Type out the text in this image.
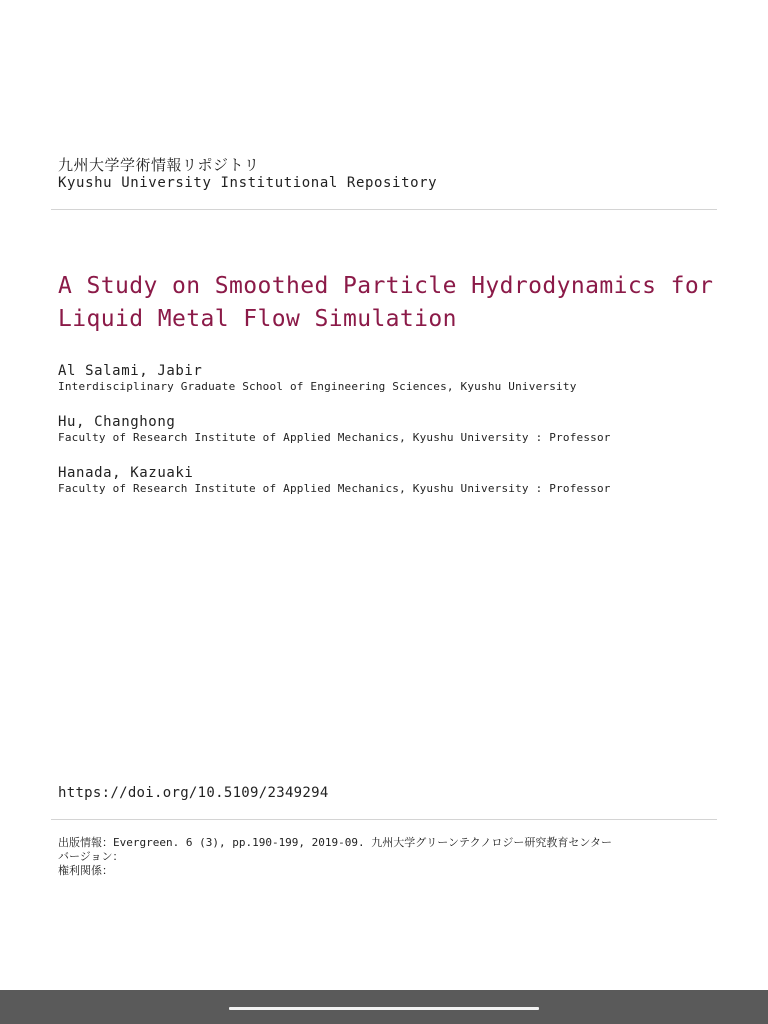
九州大学学術情報リポジトリ
Kyushu University Institutional Repository
A Study on Smoothed Particle Hydrodynamics for
Liquid Metal Flow Simulation
Al Salami, Jabir
Interdisciplinary Graduate School of Engineering Sciences, Kyushu University
Hu, Changhong
Faculty of Research Institute of Applied Mechanics, Kyushu University : Professor
Hanada, Kazuaki
Faculty of Research Institute of Applied Mechanics, Kyushu University : Professor
https://doi.org/10.5109/2349294
出版情報：Evergreen. 6 (3), pp.190-199, 2019-09. 九州大学グリーンテクノロジー研究教育センター
バージョン：
権利関係：
